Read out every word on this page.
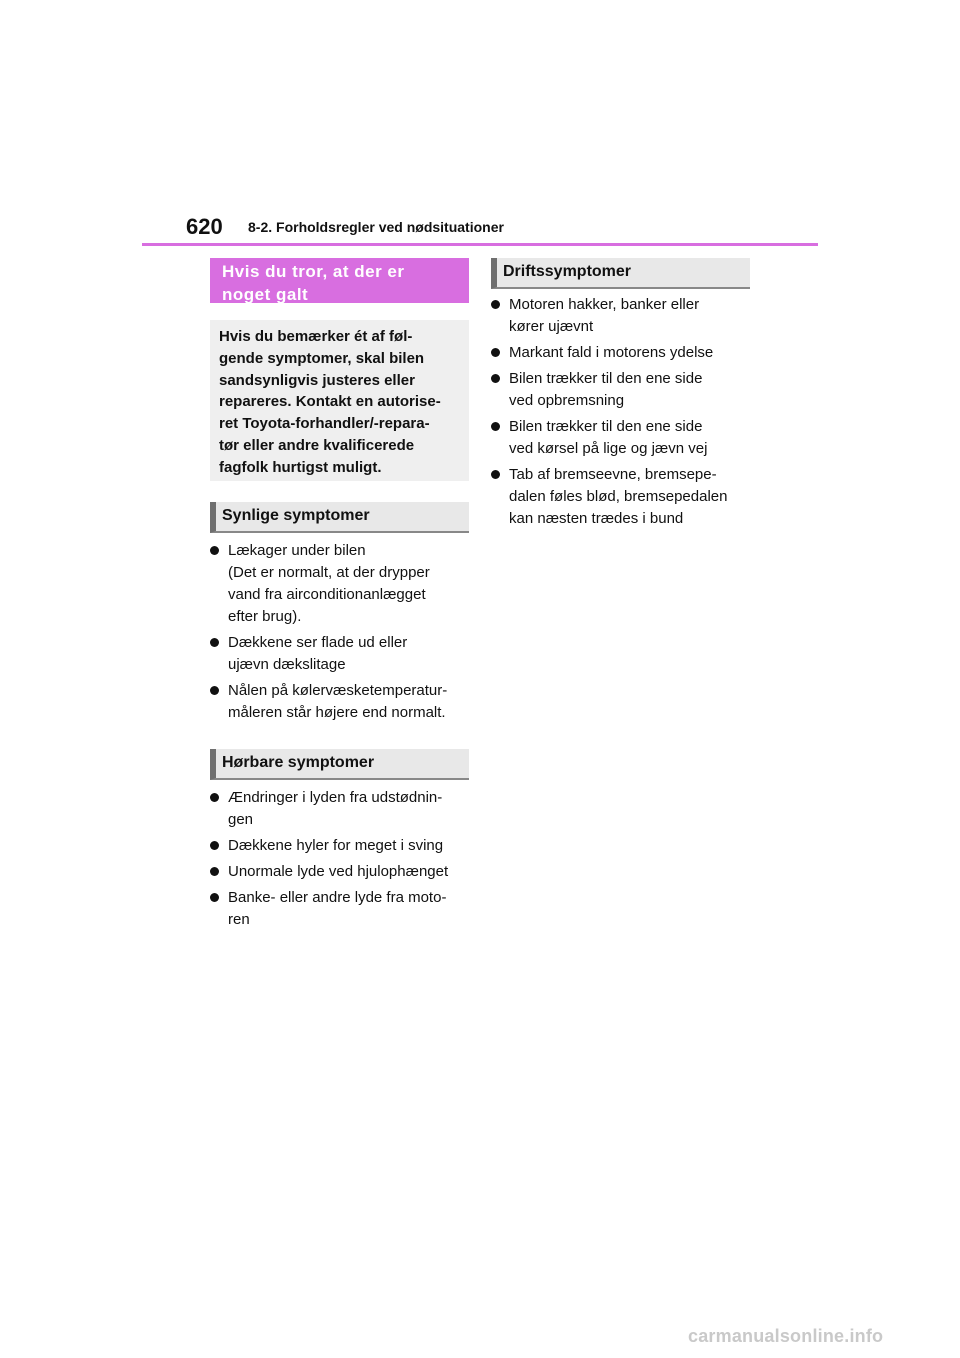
620 8-2. Forholdsregler ved nødsituationer
Hvis du tror, at der er
noget galt
Hvis du bemærker ét af føl-
gende symptomer, skal bilen
sandsynligvis justeres eller
repareres. Kontakt en autorise-
ret Toyota-forhandler/-repara-
tør eller andre kvalificerede
fagfolk hurtigst muligt.
Synlige symptomer
Lækager under bilen
(Det er normalt, at der drypper
vand fra airconditionanlægget
efter brug).
Dækkene ser flade ud eller
ujævn dækslitage
Nålen på kølervæsketemperatur-
måleren står højere end normalt.
Hørbare symptomer
Ændringer i lyden fra udstødnin-
gen
Dækkene hyler for meget i sving
Unormale lyde ved hjulophænget
Banke- eller andre lyde fra moto-
ren
Driftssymptomer
Motoren hakker, banker eller
kører ujævnt
Markant fald i motorens ydelse
Bilen trækker til den ene side
ved opbremsning
Bilen trækker til den ene side
ved kørsel på lige og jævn vej
Tab af bremseevne, bremsepe-
dalen føles blød, bremsepedalen
kan næsten trædes i bund
carmanualsonline.info
